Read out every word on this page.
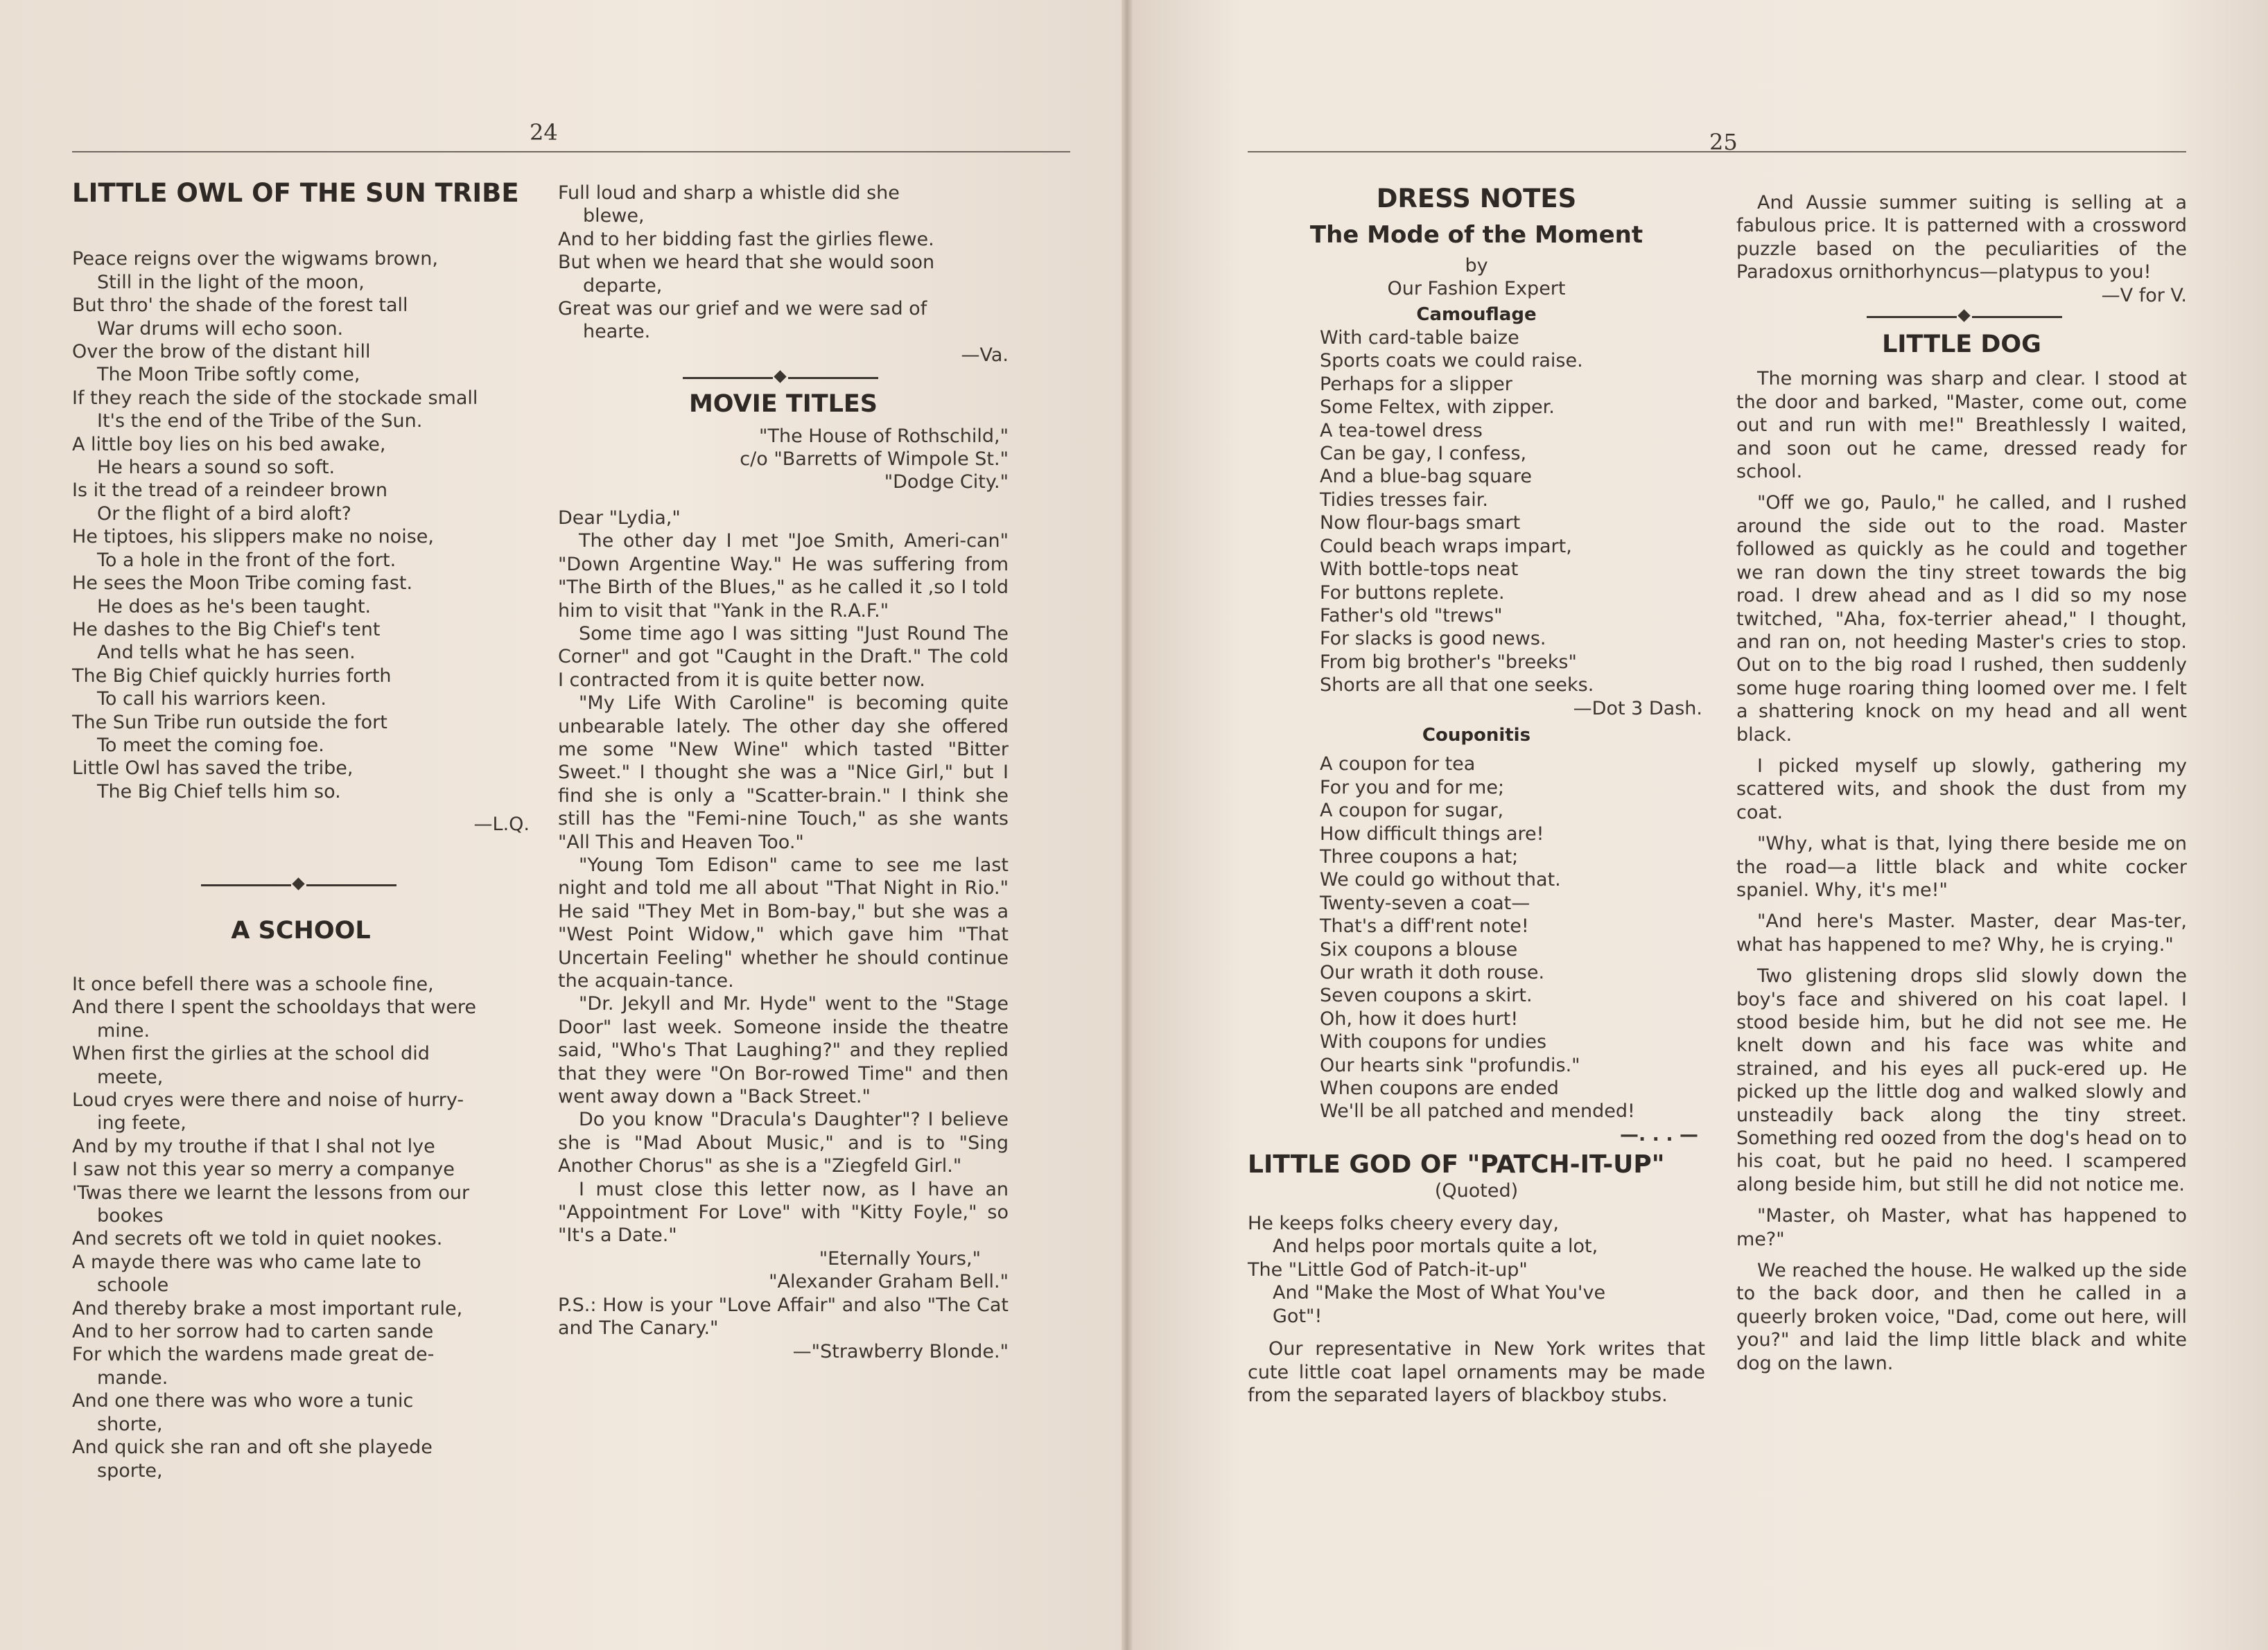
24
LITTLE OWL OF THE SUN TRIBE
Peace reigns over the wigwams brown,
Still in the light of the moon,
But thro' the shade of the forest tall
War drums will echo soon.
Over the brow of the distant hill
The Moon Tribe softly come,
If they reach the side of the stockade small
It's the end of the Tribe of the Sun.
A little boy lies on his bed awake,
He hears a sound so soft.
Is it the tread of a reindeer brown
Or the flight of a bird aloft?
He tiptoes, his slippers make no noise,
To a hole in the front of the fort.
He sees the Moon Tribe coming fast.
He does as he's been taught.
He dashes to the Big Chief's tent
And tells what he has seen.
The Big Chief quickly hurries forth
To call his warriors keen.
The Sun Tribe run outside the fort
To meet the coming foe.
Little Owl has saved the tribe,
The Big Chief tells him so.
—L.Q.
A SCHOOL
It once befell there was a schoole fine,
And there I spent the schooldays that were
mine.
When first the girlies at the school did
meete,
Loud cryes were there and noise of hurry-
ing feete,
And by my trouthe if that I shal not lye
I saw not this year so merry a companye
'Twas there we learnt the lessons from our
bookes
And secrets oft we told in quiet nookes.
A mayde there was who came late to
schoole
And thereby brake a most important rule,
And to her sorrow had to carten sande
For which the wardens made great de-
mande.
And one there was who wore a tunic
shorte,
And quick she ran and oft she playede
sporte,
Full loud and sharp a whistle did she
blewe,
And to her bidding fast the girlies flewe.
But when we heard that she would soon
departe,
Great was our grief and we were sad of
hearte.
—Va.
MOVIE TITLES
"The House of Rothschild,"
c/o "Barretts of Wimpole St."
"Dodge City."
Dear "Lydia,"
The other day I met "Joe Smith, Ameri-can" "Down Argentine Way." He was suffering from "The Birth of the Blues," as he called it ,so I told him to visit that "Yank in the R.A.F."
Some time ago I was sitting "Just Round The Corner" and got "Caught in the Draft." The cold I contracted from it is quite better now.
"My Life With Caroline" is becoming quite unbearable lately. The other day she offered me some "New Wine" which tasted "Bitter Sweet." I thought she was a "Nice Girl," but I find she is only a "Scatter-brain." I think she still has the "Femi-nine Touch," as she wants "All This and Heaven Too."
"Young Tom Edison" came to see me last night and told me all about "That Night in Rio." He said "They Met in Bom-bay," but she was a "West Point Widow," which gave him "That Uncertain Feeling" whether he should continue the acquain-tance.
"Dr. Jekyll and Mr. Hyde" went to the "Stage Door" last week. Someone inside the theatre said, "Who's That Laughing?" and they replied that they were "On Bor-rowed Time" and then went away down a "Back Street."
Do you know "Dracula's Daughter"? I believe she is "Mad About Music," and is to "Sing Another Chorus" as she is a "Ziegfeld Girl."
I must close this letter now, as I have an "Appointment For Love" with "Kitty Foyle," so "It's a Date."
"Eternally Yours,"
"Alexander Graham Bell."
P.S.: How is your "Love Affair" and also "The Cat and The Canary."
—"Strawberry Blonde."
25
DRESS NOTES
The Mode of the Moment
by
Our Fashion Expert
Camouflage
With card-table baize
Sports coats we could raise.
Perhaps for a slipper
Some Feltex, with zipper.
A tea-towel dress
Can be gay, I confess,
And a blue-bag square
Tidies tresses fair.
Now flour-bags smart
Could beach wraps impart,
With bottle-tops neat
For buttons replete.
Father's old "trews"
For slacks is good news.
From big brother's "breeks"
Shorts are all that one seeks.
—Dot 3 Dash.
Couponitis
A coupon for tea
For you and for me;
A coupon for sugar,
How difficult things are!
Three coupons a hat;
We could go without that.
Twenty-seven a coat—
That's a diff'rent note!
Six coupons a blouse
Our wrath it doth rouse.
Seven coupons a skirt.
Oh, how it does hurt!
With coupons for undies
Our hearts sink "profundis."
When coupons are ended
We'll be all patched and mended!
—. . . —
LITTLE GOD OF "PATCH-IT-UP"
(Quoted)
He keeps folks cheery every day,
And helps poor mortals quite a lot,
The "Little God of Patch-it-up"
And "Make the Most of What You've
Got"!
Our representative in New York writes that cute little coat lapel ornaments may be made from the separated layers of blackboy stubs.
And Aussie summer suiting is selling at a fabulous price. It is patterned with a crossword puzzle based on the peculiarities of the Paradoxus ornithorhyncus—platypus to you!
—V for V.
LITTLE DOG
The morning was sharp and clear. I stood at the door and barked, "Master, come out, come out and run with me!" Breathlessly I waited, and soon out he came, dressed ready for school.
"Off we go, Paulo," he called, and I rushed around the side out to the road. Master followed as quickly as he could and together we ran down the tiny street towards the big road. I drew ahead and as I did so my nose twitched, "Aha, fox-terrier ahead," I thought, and ran on, not heeding Master's cries to stop. Out on to the big road I rushed, then suddenly some huge roaring thing loomed over me. I felt a shattering knock on my head and all went black.
I picked myself up slowly, gathering my scattered wits, and shook the dust from my coat.
"Why, what is that, lying there beside me on the road—a little black and white cocker spaniel. Why, it's me!"
"And here's Master. Master, dear Mas-ter, what has happened to me? Why, he is crying."
Two glistening drops slid slowly down the boy's face and shivered on his coat lapel. I stood beside him, but he did not see me. He knelt down and his face was white and strained, and his eyes all puck-ered up. He picked up the little dog and walked slowly and unsteadily back along the tiny street. Something red oozed from the dog's head on to his coat, but he paid no heed. I scampered along beside him, but still he did not notice me.
"Master, oh Master, what has happened to me?"
We reached the house. He walked up the side to the back door, and then he called in a queerly broken voice, "Dad, come out here, will you?" and laid the limp little black and white dog on the lawn.
